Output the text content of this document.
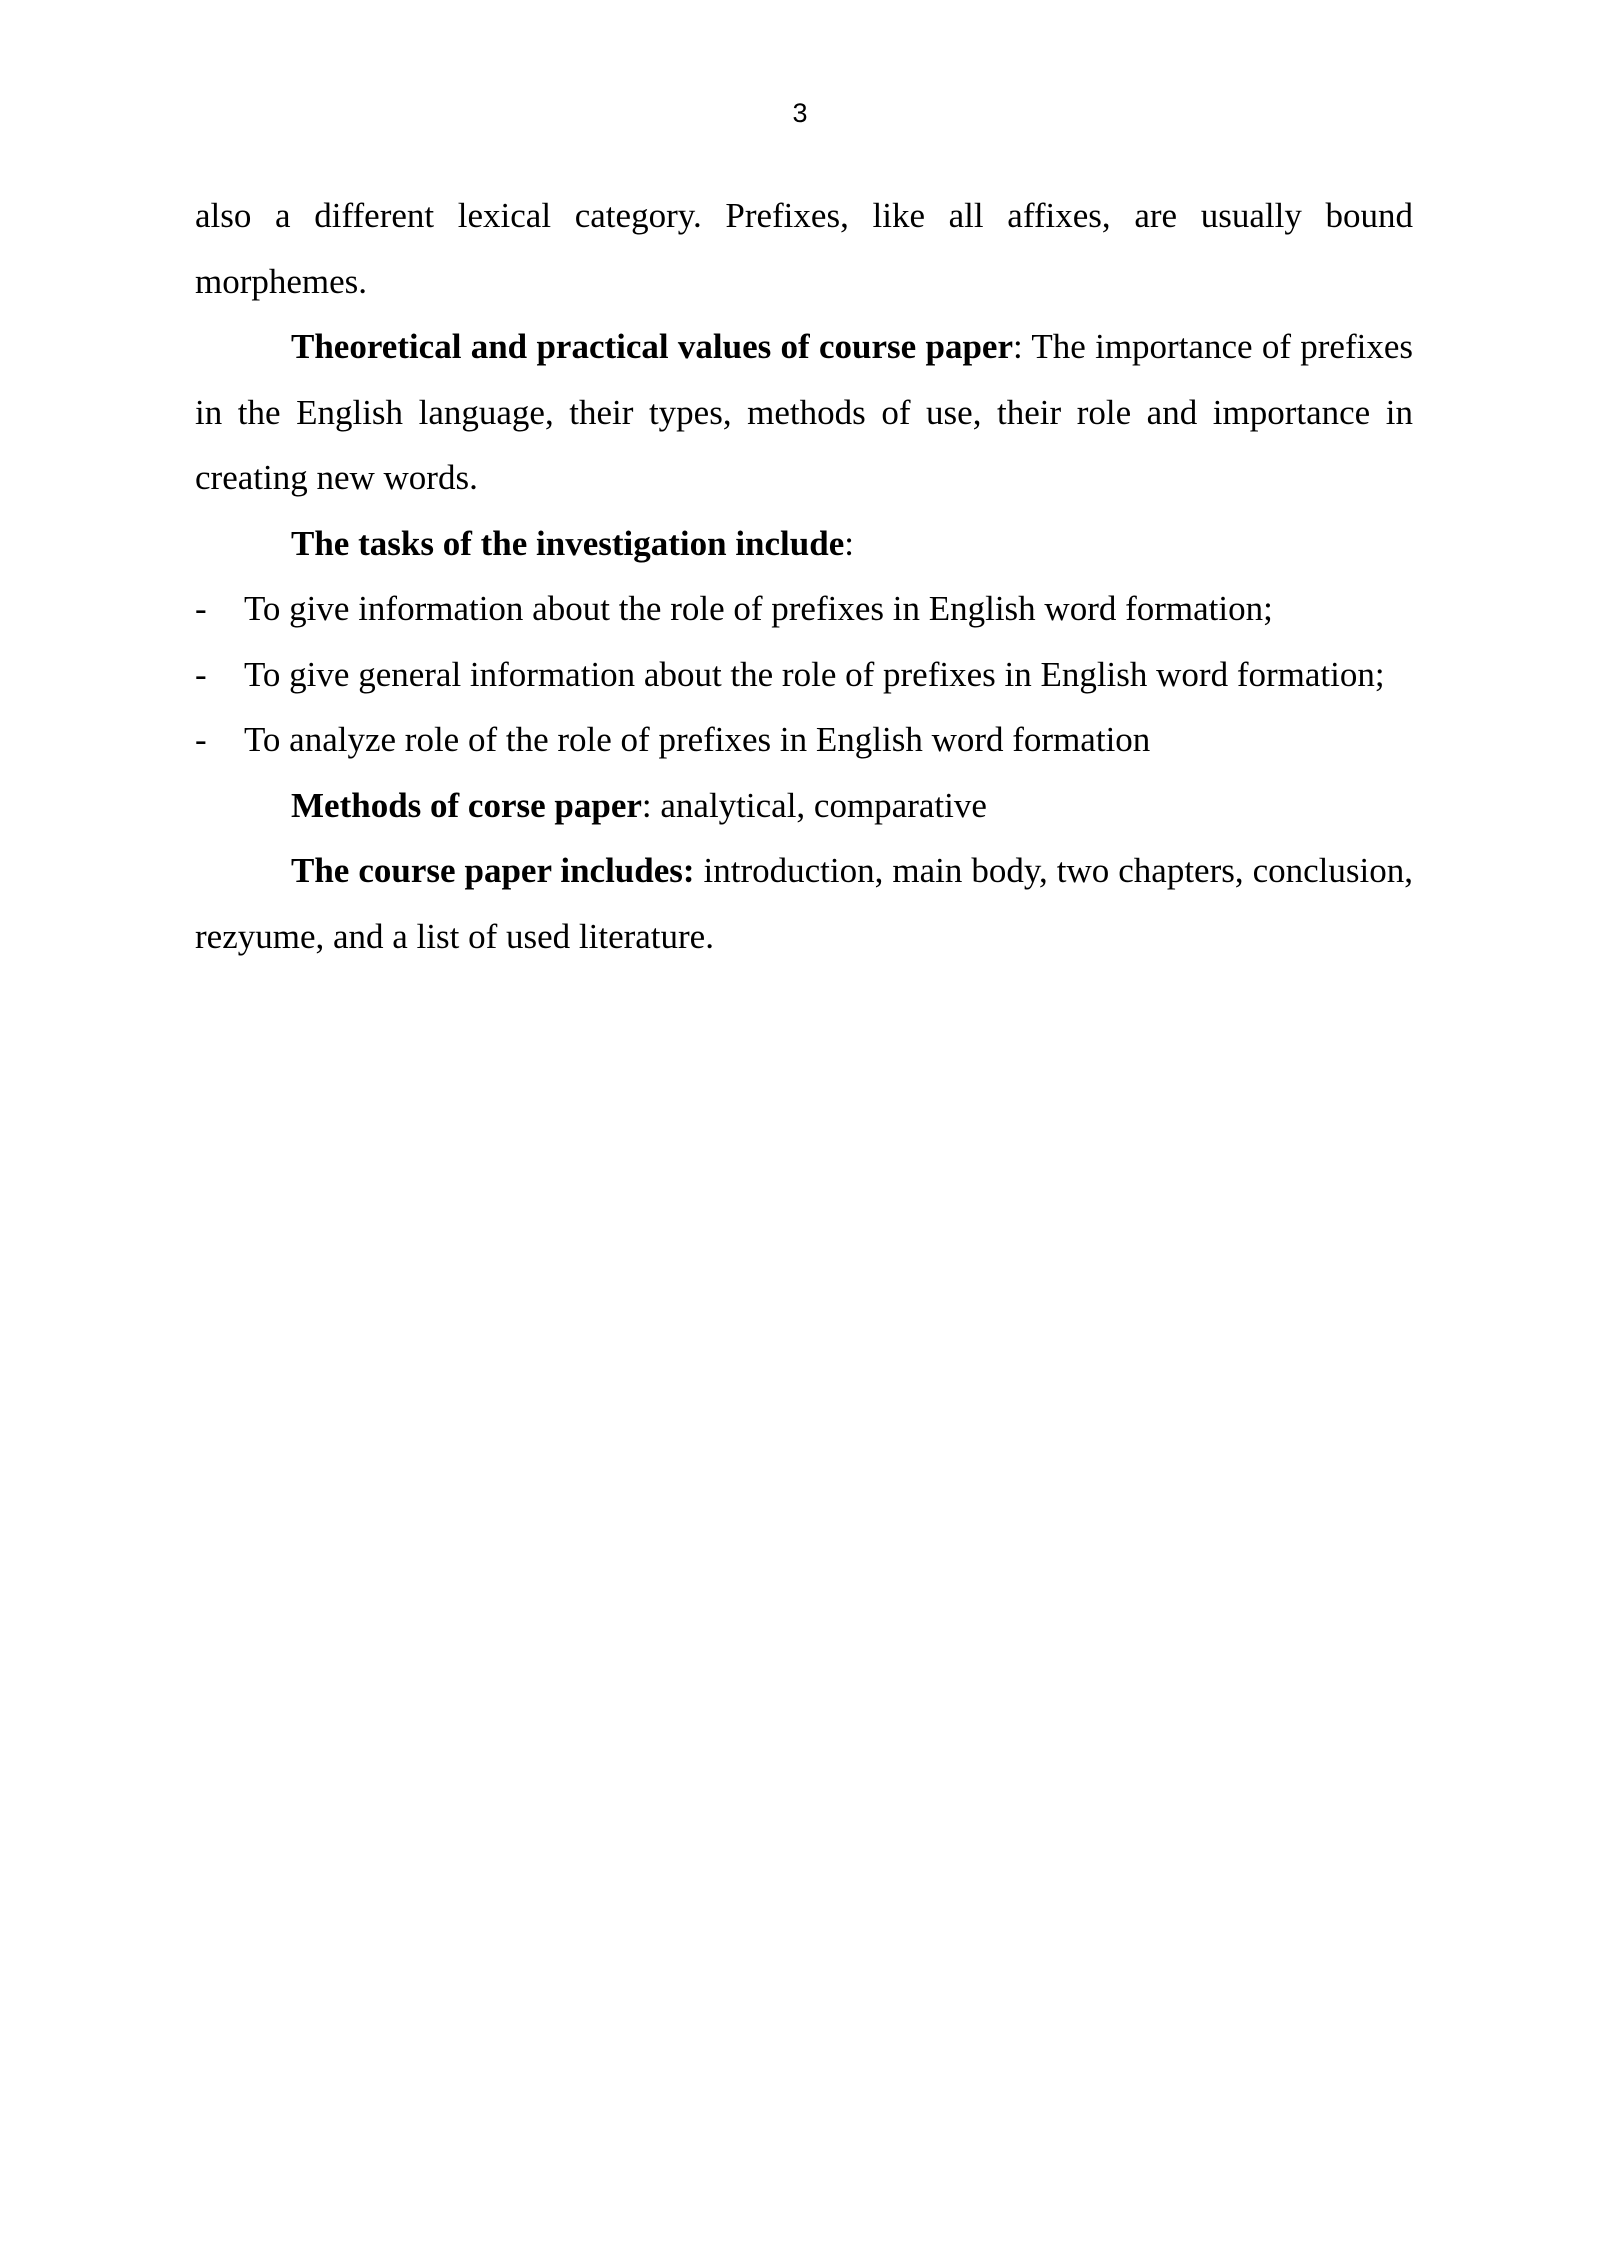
3

also a different lexical category. Prefixes, like all affixes, are usually bound morphemes.

Theoretical and practical values of course paper: The importance of prefixes in the English language, their types, methods of use, their role and importance in creating new words.

The tasks of the investigation include:

- To give information about the role of prefixes in English word formation;

- To give general information about the role of prefixes in English word formation;

- To analyze role of the role of prefixes in English word formation

Methods of corse paper: analytical, comparative

The course paper includes: introduction, main body, two chapters, conclusion, rezyume, and a list of used literature.
